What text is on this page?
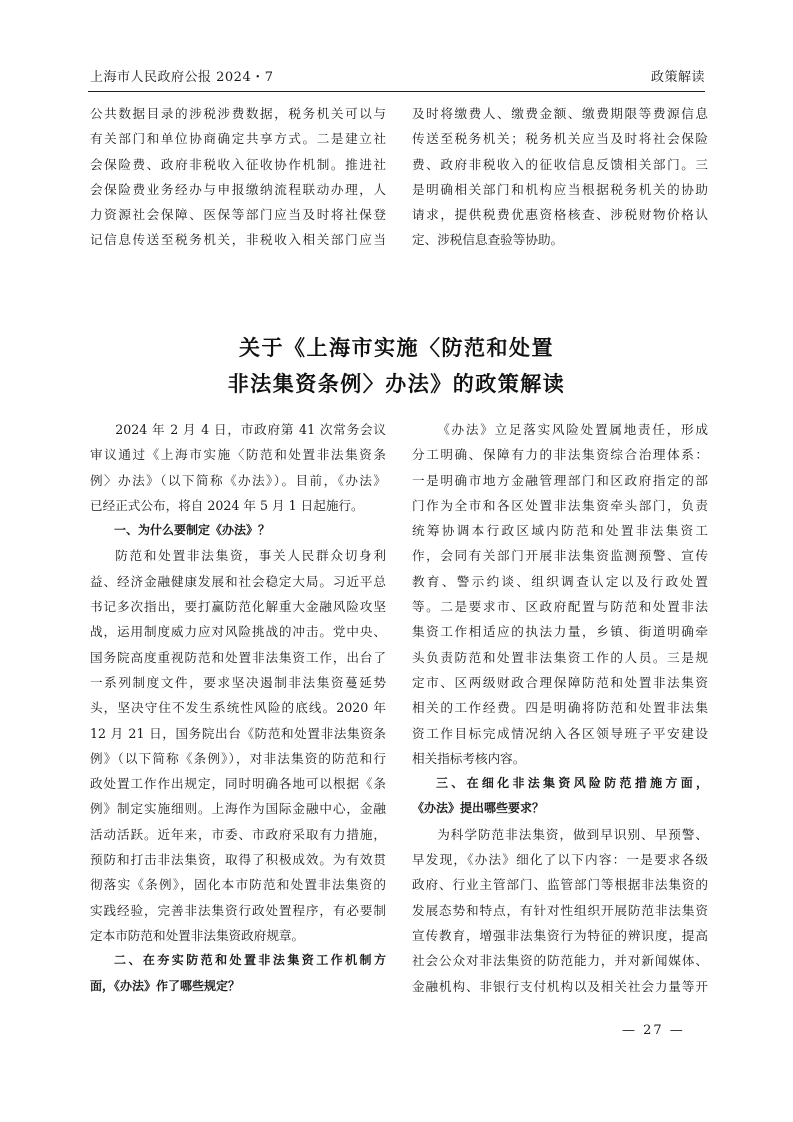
上海市人民政府公报 2024・7	政策解读
公共数据目录的涉税涉费数据，税务机关可以与
有关部门和单位协商确定共享方式。二是建立社
会保险费、政府非税收入征收协作机制。推进社
会保险费业务经办与申报缴纳流程联动办理，人
力资源社会保障、医保等部门应当及时将社保登
记信息传送至税务机关，非税收入相关部门应当
及时将缴费人、缴费金额、缴费期限等费源信息
传送至税务机关；税务机关应当及时将社会保险
费、政府非税收入的征收信息反馈相关部门。三
是明确相关部门和机构应当根据税务机关的协助
请求，提供税费优惠资格核查、涉税财物价格认
定、涉税信息查验等协助。
关于《上海市实施〈防范和处置
非法集资条例〉办法》的政策解读
2024 年 2 月 4 日，市政府第 41 次常务会议
审议通过《上海市实施〈防范和处置非法集资条
例〉办法》（以下简称《办法》）。目前，《办法》
已经正式公布，将自 2024 年 5 月 1 日起施行。
一、为什么要制定《办法》？
防范和处置非法集资，事关人民群众切身利
益、经济金融健康发展和社会稳定大局。习近平总
书记多次指出，要打赢防范化解重大金融风险攻坚
战，运用制度威力应对风险挑战的冲击。党中央、
国务院高度重视防范和处置非法集资工作，出台了
一系列制度文件，要求坚决遏制非法集资蔓延势
头，坚决守住不发生系统性风险的底线。2020 年
12 月 21 日，国务院出台《防范和处置非法集资条
例》（以下简称《条例》），对非法集资的防范和行
政处置工作作出规定，同时明确各地可以根据《条
例》制定实施细则。上海作为国际金融中心，金融
活动活跃。近年来，市委、市政府采取有力措施，
预防和打击非法集资，取得了积极成效。为有效贯
彻落实《条例》，固化本市防范和处置非法集资的
实践经验，完善非法集资行政处置程序，有必要制
定本市防范和处置非法集资政府规章。
二、在夯实防范和处置非法集资工作机制方
面，《办法》作了哪些规定？
《办法》立足落实风险处置属地责任，形成
分工明确、保障有力的非法集资综合治理体系：
一是明确市地方金融管理部门和区政府指定的部
门作为全市和各区处置非法集资牵头部门，负责
统筹协调本行政区域内防范和处置非法集资工
作，会同有关部门开展非法集资监测预警、宣传
教育、警示约谈、组织调查认定以及行政处置
等。二是要求市、区政府配置与防范和处置非法
集资工作相适应的执法力量，乡镇、街道明确牵
头负责防范和处置非法集资工作的人员。三是规
定市、区两级财政合理保障防范和处置非法集资
相关的工作经费。四是明确将防范和处置非法集
资工作目标完成情况纳入各区领导班子平安建设
相关指标考核内容。
三、在细化非法集资风险防范措施方面，
《办法》提出哪些要求？
为科学防范非法集资，做到早识别、早预警、
早发现，《办法》细化了以下内容：一是要求各级
政府、行业主管部门、监管部门等根据非法集资的
发展态势和特点，有针对性组织开展防范非法集资
宣传教育，增强非法集资行为特征的辨识度，提高
社会公众对非法集资的防范能力，并对新闻媒体、
金融机构、非银行支付机构以及相关社会力量等开
— 27 —
